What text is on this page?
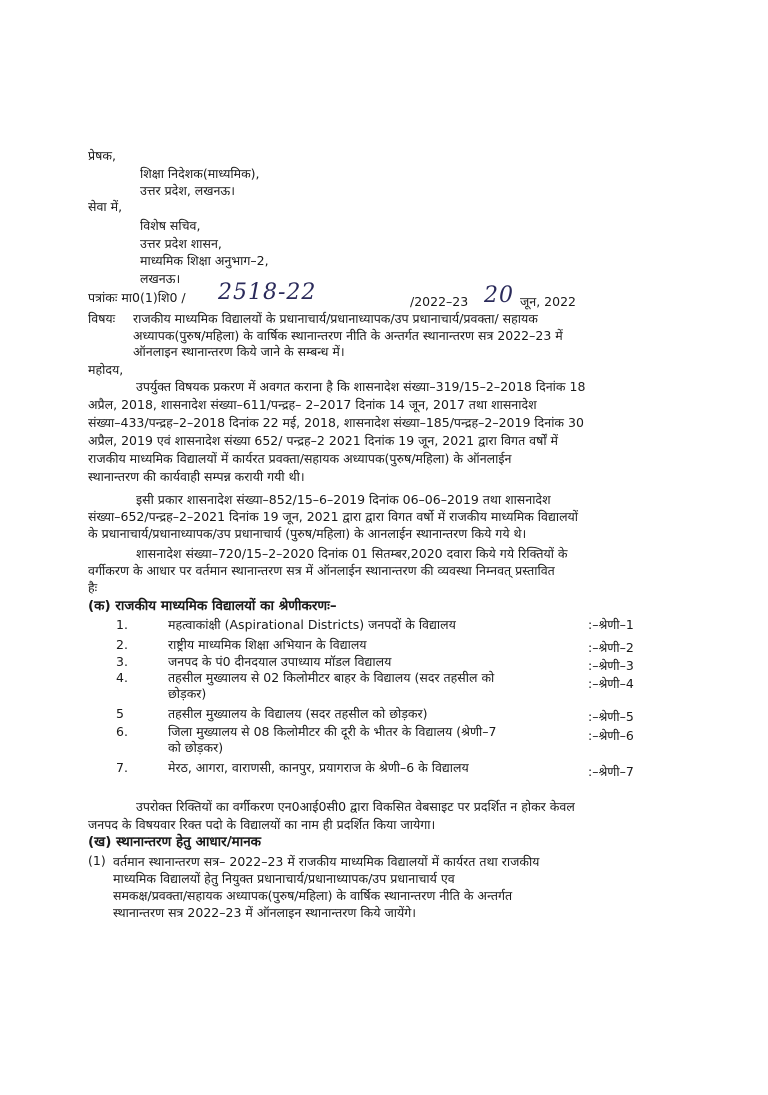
प्रेषक,
शिक्षा निदेशक(माध्यमिक),
उत्तर प्रदेश, लखनऊ।
सेवा में,
विशेष सचिव,
उत्तर प्रदेश शासन,
माध्यमिक शिक्षा अनुभाग–2,
लखनऊ।
पत्रांकः मा0(1)शि0 / 2518-22	/2022–23 20 जून, 2022
विषयः राजकीय माध्यमिक विद्यालयों के प्रधानाचार्य/प्रधानाध्यापक/उप प्रधानाचार्य/प्रवक्ता/ सहायक
अध्यापक(पुरुष/महिला) के वार्षिक स्थानान्तरण नीति के अन्तर्गत स्थानान्तरण सत्र 2022–23 में
ऑनलाइन स्थानान्तरण किये जाने के सम्बन्ध में।
महोदय,
उपर्युक्त विषयक प्रकरण में अवगत कराना है कि शासनादेश संख्या–319/15–2–2018 दिनांक 18
अप्रैल, 2018, शासनादेश संख्या–611/पन्द्रह– 2–2017 दिनांक 14 जून, 2017 तथा शासनादेश
संख्या–433/पन्द्रह–2–2018 दिनांक 22 मई, 2018, शासनादेश संख्या–185/पन्द्रह–2–2019 दिनांक 30
अप्रैल, 2019 एवं शासनादेश संख्या 652/ पन्द्रह–2 2021 दिनांक 19 जून, 2021 द्वारा विगत वर्षों में
राजकीय माध्यमिक विद्यालयों में कार्यरत प्रवक्ता/सहायक अध्यापक(पुरुष/महिला) के ऑनलाईन
स्थानान्तरण की कार्यवाही सम्पन्न करायी गयी थी।
इसी प्रकार शासनादेश संख्या–852/15–6–2019 दिनांक 06–06–2019 तथा शासनादेश
संख्या–652/पन्द्रह–2–2021 दिनांक 19 जून, 2021 द्वारा द्वारा विगत वर्षो में राजकीय माध्यमिक विद्यालयों
के प्रधानाचार्य/प्रधानाध्यापक/उप प्रधानाचार्य (पुरुष/महिला) के आनलाईन स्थानान्तरण किये गये थे।
शासनादेश संख्या–720/15–2–2020 दिनांक 01 सितम्बर,2020 दवारा किये गये रिक्तियों के
वर्गीकरण के आधार पर वर्तमान स्थानान्तरण सत्र में ऑनलाईन स्थानान्तरण की व्यवस्था निम्नवत् प्रस्तावित
हैः
(क) राजकीय माध्यमिक विद्यालयों का श्रेणीकरणः–
1.	महत्वाकांक्षी (Aspirational Districts) जनपदों के विद्यालय	:–श्रेणी–1
2.	राष्ट्रीय माध्यमिक शिक्षा अभियान के विद्यालय	:–श्रेणी–2
3.	जनपद के पं0 दीनदयाल उपाध्याय मॉडल विद्यालय	:–श्रेणी–3
4.	तहसील मुख्यालय से 02 किलोमीटर बाहर के विद्यालय (सदर तहसील को छोड़कर)
:–श्रेणी–4
5	तहसील मुख्यालय के विद्यालय (सदर तहसील को छोड़कर)	:–श्रेणी–5
6.	जिला मुख्यालय से 08 किलोमीटर की दूरी के भीतर के विद्यालय (श्रेणी–7 को छोड़कर)
:–श्रेणी–6
7.	मेरठ, आगरा, वाराणसी, कानपुर, प्रयागराज के श्रेणी–6 के विद्यालय	:–श्रेणी–7
उपरोक्त रिक्तियों का वर्गीकरण एन0आई0सी0 द्वारा विकसित वेबसाइट पर प्रदर्शित न होकर केवल
जनपद के विषयवार रिक्त पदो के विद्यालयों का नाम ही प्रदर्शित किया जायेगा।
(ख) स्थानान्तरण हेतु आधार/मानक
(1) वर्तमान स्थानान्तरण सत्र– 2022–23 में राजकीय माध्यमिक विद्यालयों में कार्यरत तथा राजकीय
माध्यमिक विद्यालयों हेतु नियुक्त प्रधानाचार्य/प्रधानाध्यापक/उप प्रधानाचार्य एव
समकक्ष/प्रवक्ता/सहायक अध्यापक(पुरुष/महिला) के वार्षिक स्थानान्तरण नीति के अन्तर्गत
स्थानान्तरण सत्र 2022–23 में ऑनलाइन स्थानान्तरण किये जायेंगे।
